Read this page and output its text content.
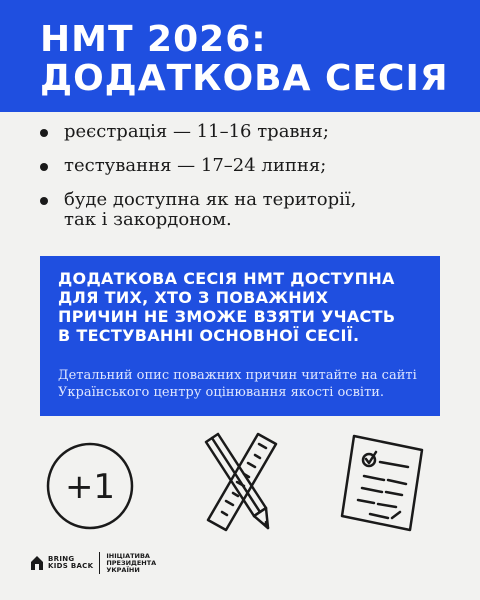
НМТ 2026:
ДОДАТКОВА СЕСІЯ
реєстрація — 11–16 травня;
тестування — 17–24 липня;
буде доступна як на території,
так і закордоном.

ДОДАТКОВА СЕСІЯ НМТ ДОСТУПНА
ДЛЯ ТИХ, ХТО З ПОВАЖНИХ
ПРИЧИН НЕ ЗМОЖЕ ВЗЯТИ УЧАСТЬ
В ТЕСТУВАННІ ОСНОВНОЇ СЕСІЇ.

Детальний опис поважних причин читайте на сайті
Українського центру оцінювання якості освіти.

+1
BRING
KIDS BACK
ІНІЦІАТИВА
ПРЕЗИДЕНТА
УКРАЇНИ
